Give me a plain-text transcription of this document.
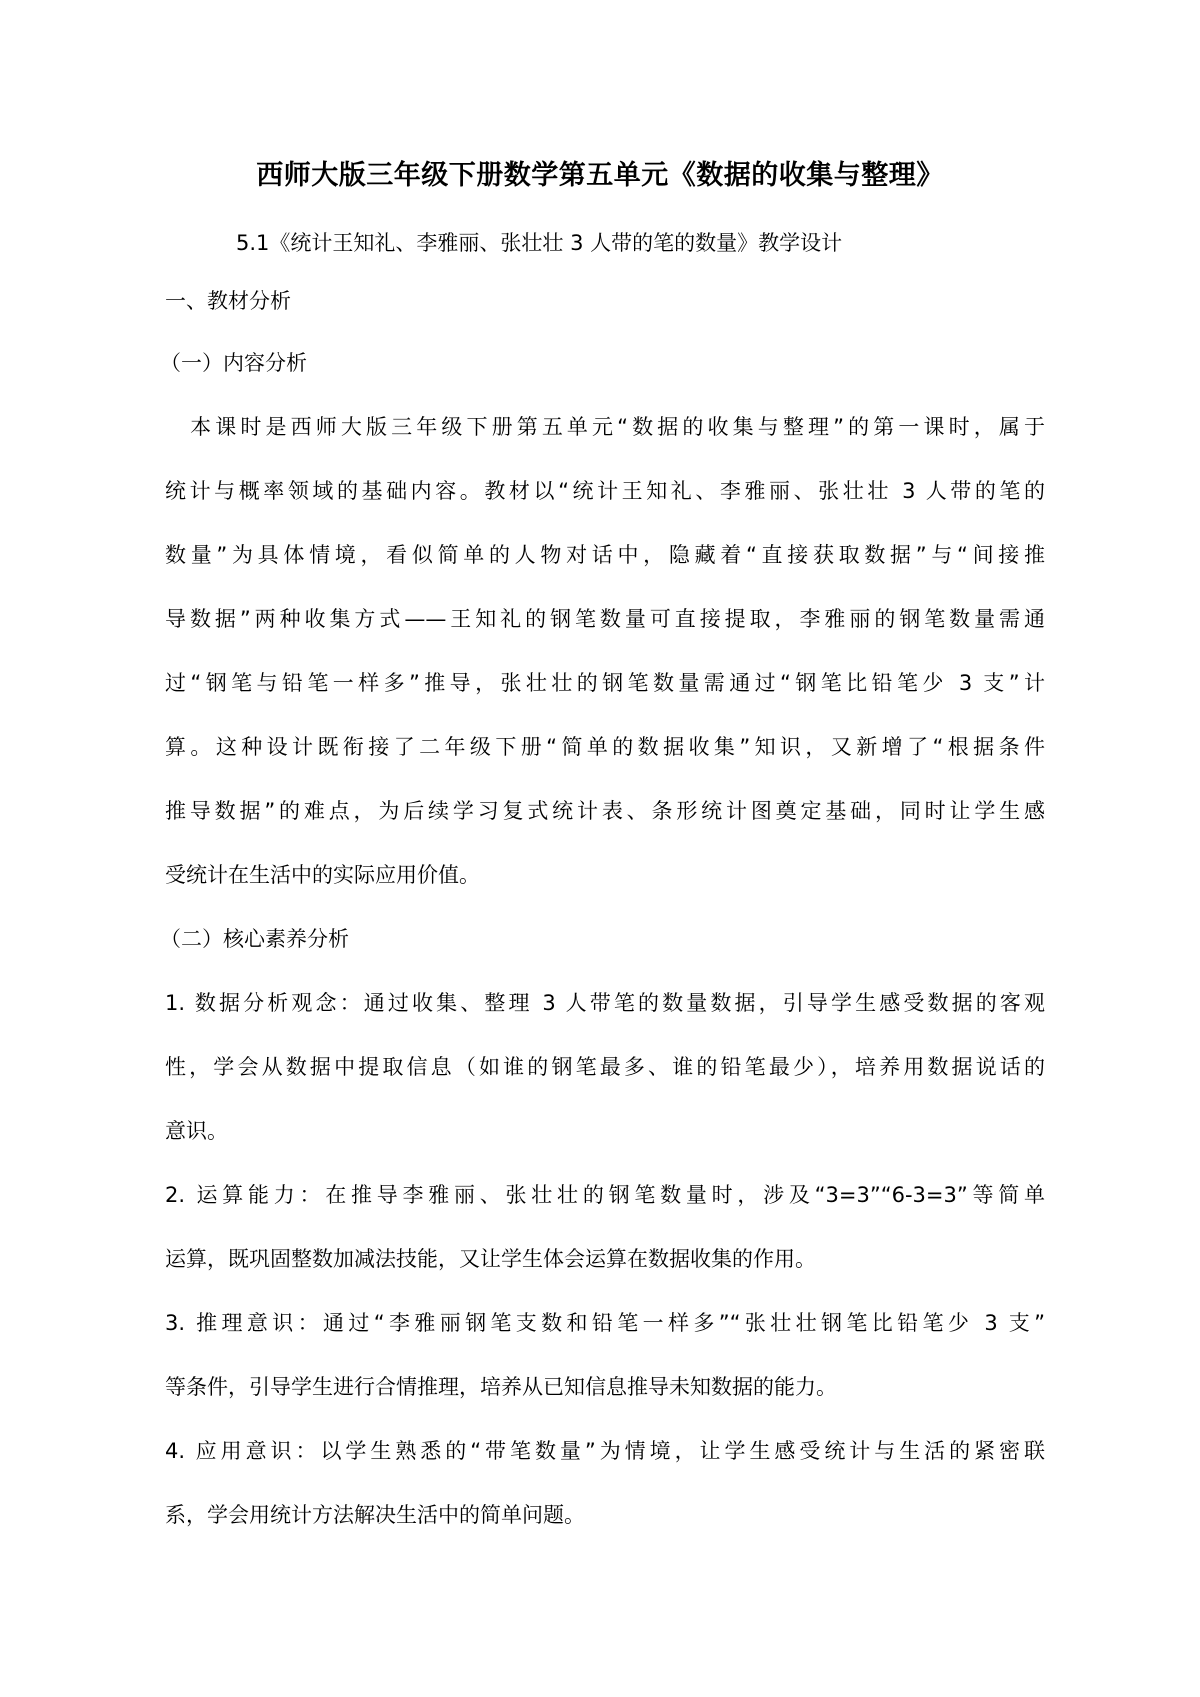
西师大版三年级下册数学第五单元《数据的收集与整理》
5.1《统计王知礼、李雅丽、张壮壮 3 人带的笔的数量》教学设计
一、教材分析
（一）内容分析
　本课时是西师大版三年级下册第五单元“数据的收集与整理”的第一课时，属于
统计与概率领域的基础内容。教材以“统计王知礼、李雅丽、张壮壮 3 人带的笔的
数量”为具体情境，看似简单的人物对话中，隐藏着“直接获取数据”与“间接推
导数据”两种收集方式——王知礼的钢笔数量可直接提取，李雅丽的钢笔数量需通
过“钢笔与铅笔一样多”推导，张壮壮的钢笔数量需通过“钢笔比铅笔少 3 支”计
算。这种设计既衔接了二年级下册“简单的数据收集”知识，又新增了“根据条件
推导数据”的难点，为后续学习复式统计表、条形统计图奠定基础，同时让学生感
受统计在生活中的实际应用价值。
（二）核心素养分析
1. 数据分析观念：通过收集、整理 3 人带笔的数量数据，引导学生感受数据的客观
性，学会从数据中提取信息（如谁的钢笔最多、谁的铅笔最少），培养用数据说话的
意识。
2. 运算能力：在推导李雅丽、张壮壮的钢笔数量时，涉及“3=3”“6-3=3”等简单
运算，既巩固整数加减法技能，又让学生体会运算在数据收集的作用。
3. 推理意识：通过“李雅丽钢笔支数和铅笔一样多”“张壮壮钢笔比铅笔少 3 支”
等条件，引导学生进行合情推理，培养从已知信息推导未知数据的能力。
4. 应用意识：以学生熟悉的“带笔数量”为情境，让学生感受统计与生活的紧密联
系，学会用统计方法解决生活中的简单问题。
